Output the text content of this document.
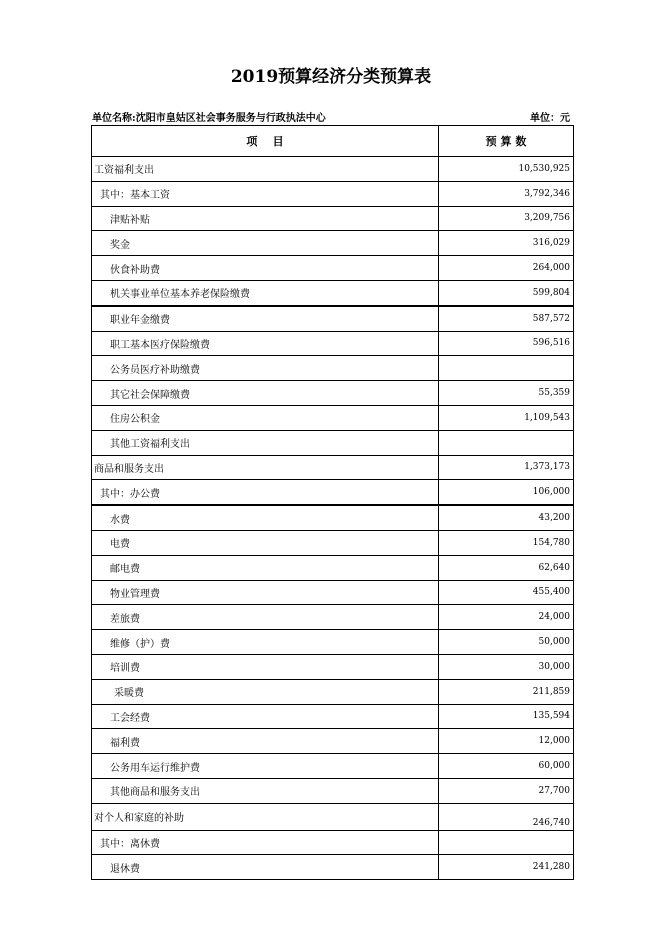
2019预算经济分类预算表
单位名称:沈阳市皇姑区社会事务服务与行政执法中心	单位：元
项    目	预 算 数
工资福利支出	10,530,925
其中：基本工资	3,792,346
津贴补贴	3,209,756
奖金	316,029
伙食补助费	264,000
机关事业单位基本养老保险缴费	599,804
职业年金缴费	587,572
职工基本医疗保险缴费	596,516
公务员医疗补助缴费	
其它社会保障缴费	55,359
住房公积金	1,109,543
其他工资福利支出	
商品和服务支出	1,373,173
其中：办公费	106,000
水费	43,200
电费	154,780
邮电费	62,640
物业管理费	455,400
差旅费	24,000
维修（护）费	50,000
培训费	30,000
采暖费	211,859
工会经费	135,594
福利费	12,000
公务用车运行维护费	60,000
其他商品和服务支出	27,700
对个人和家庭的补助	246,740
其中：离休费	
退休费	241,280
